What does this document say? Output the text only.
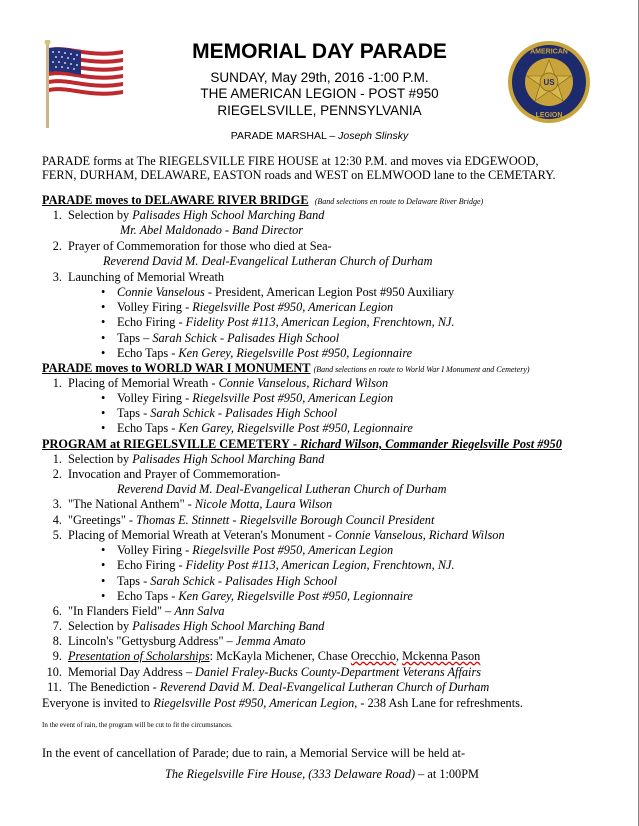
US
AMERICAN
LEGION
MEMORIAL DAY PARADE
SUNDAY, May 29th, 2016 -1:00 P.M.
THE AMERICAN LEGION - POST #950
RIEGELSVILLE, PENNSYLVANIA
PARADE MARSHAL – Joseph Slinsky
PARADE forms at The RIEGELSVILLE FIRE HOUSE at 12:30 P.M. and moves via EDGEWOOD,
FERN, DURHAM, DELAWARE, EASTON roads and WEST on ELMWOOD lane to the CEMETARY.
PARADE moves to DELAWARE RIVER BRIDGE (Band selections en route to Delaware River Bridge)
1. Selection by Palisades High School Marching Band
Mr. Abel Maldonado - Band Director
2. Prayer of Commemoration for those who died at Sea-
Reverend David M. Deal-Evangelical Lutheran Church of Durham
3. Launching of Memorial Wreath
• Connie Vanselous - President, American Legion Post #950 Auxiliary
• Volley Firing - Riegelsville Post #950, American Legion
• Echo Firing - Fidelity Post #113, American Legion, Frenchtown, NJ.
• Taps – Sarah Schick - Palisades High School
• Echo Taps - Ken Gerey, Riegelsville Post #950, Legionnaire
PARADE moves to WORLD WAR I MONUMENT (Band selections en route to World War I Monument and Cemetery)
1. Placing of Memorial Wreath - Connie Vanselous, Richard Wilson
• Volley Firing - Riegelsville Post #950, American Legion
• Taps - Sarah Schick - Palisades High School
• Echo Taps - Ken Garey, Riegelsville Post #950, Legionnaire
PROGRAM at RIEGELSVILLE CEMETERY - Richard Wilson, Commander Riegelsville Post #950
1. Selection by Palisades High School Marching Band
2. Invocation and Prayer of Commemoration-
Reverend David M. Deal-Evangelical Lutheran Church of Durham
3. "The National Anthem" - Nicole Motta, Laura Wilson
4. "Greetings" - Thomas E. Stinnett - Riegelsville Borough Council President
5. Placing of Memorial Wreath at Veteran's Monument - Connie Vanselous, Richard Wilson
• Volley Firing - Riegelsville Post #950, American Legion
• Echo Firing - Fidelity Post #113, American Legion, Frenchtown, NJ.
• Taps - Sarah Schick - Palisades High School
• Echo Taps - Ken Garey, Riegelsville Post #950, Legionnaire
6. "In Flanders Field" – Ann Salva
7. Selection by Palisades High School Marching Band
8. Lincoln's "Gettysburg Address" – Jemma Amato
9. Presentation of Scholarships: McKayla Michener, Chase Orecchio, Mckenna Pason
10. Memorial Day Address – Daniel Fraley-Bucks County-Department Veterans Affairs
11. The Benediction - Reverend David M. Deal-Evangelical Lutheran Church of Durham
Everyone is invited to Riegelsville Post #950, American Legion, - 238 Ash Lane for refreshments.
In the event of rain, the program will be cut to fit the circumstances.
In the event of cancellation of Parade; due to rain, a Memorial Service will be held at-
The Riegelsville Fire House, (333 Delaware Road) – at 1:00PM
